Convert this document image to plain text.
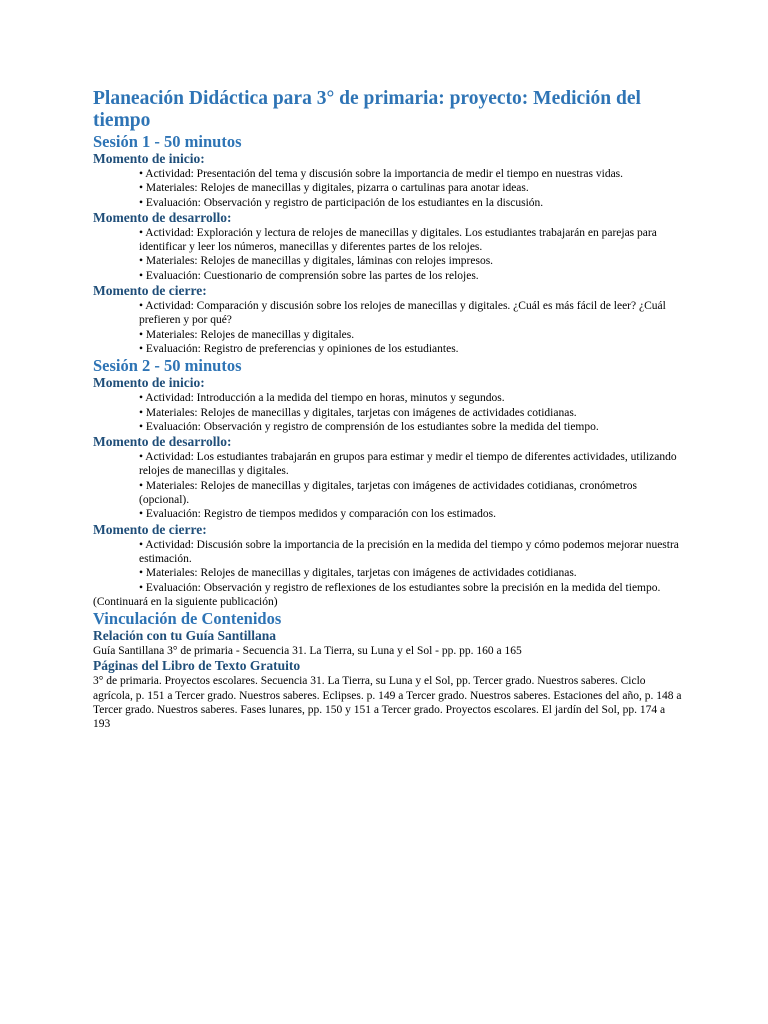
Planeación Didáctica para 3° de primaria: proyecto: Medición del tiempo
Sesión 1 - 50 minutos
Momento de inicio:
• Actividad: Presentación del tema y discusión sobre la importancia de medir el tiempo en nuestras vidas.
• Materiales: Relojes de manecillas y digitales, pizarra o cartulinas para anotar ideas.
• Evaluación: Observación y registro de participación de los estudiantes en la discusión.
Momento de desarrollo:
• Actividad: Exploración y lectura de relojes de manecillas y digitales. Los estudiantes trabajarán en parejas para identificar y leer los números, manecillas y diferentes partes de los relojes.
• Materiales: Relojes de manecillas y digitales, láminas con relojes impresos.
• Evaluación: Cuestionario de comprensión sobre las partes de los relojes.
Momento de cierre:
• Actividad: Comparación y discusión sobre los relojes de manecillas y digitales. ¿Cuál es más fácil de leer? ¿Cuál prefieren y por qué?
• Materiales: Relojes de manecillas y digitales.
• Evaluación: Registro de preferencias y opiniones de los estudiantes.
Sesión 2 - 50 minutos
Momento de inicio:
• Actividad: Introducción a la medida del tiempo en horas, minutos y segundos.
• Materiales: Relojes de manecillas y digitales, tarjetas con imágenes de actividades cotidianas.
• Evaluación: Observación y registro de comprensión de los estudiantes sobre la medida del tiempo.
Momento de desarrollo:
• Actividad: Los estudiantes trabajarán en grupos para estimar y medir el tiempo de diferentes actividades, utilizando relojes de manecillas y digitales.
• Materiales: Relojes de manecillas y digitales, tarjetas con imágenes de actividades cotidianas, cronómetros (opcional).
• Evaluación: Registro de tiempos medidos y comparación con los estimados.
Momento de cierre:
• Actividad: Discusión sobre la importancia de la precisión en la medida del tiempo y cómo podemos mejorar nuestra estimación.
• Materiales: Relojes de manecillas y digitales, tarjetas con imágenes de actividades cotidianas.
• Evaluación: Observación y registro de reflexiones de los estudiantes sobre la precisión en la medida del tiempo.

(Continuará en la siguiente publicación)

Vinculación de Contenidos
Relación con tu Guía Santillana

Guía Santillana 3° de primaria - Secuencia 31. La Tierra, su Luna y el Sol - pp. pp. 160 a 165

Páginas del Libro de Texto Gratuito

3° de primaria. Proyectos escolares. Secuencia 31. La Tierra, su Luna y el Sol, pp. Tercer grado. Nuestros saberes. Ciclo agrícola, p. 151 a Tercer grado. Nuestros saberes. Eclipses. p. 149 a Tercer grado. Nuestros saberes. Estaciones del año, p. 148 a Tercer grado. Nuestros saberes. Fases lunares, pp. 150 y 151 a Tercer grado. Proyectos escolares. El jardín del Sol, pp. 174 a 193
